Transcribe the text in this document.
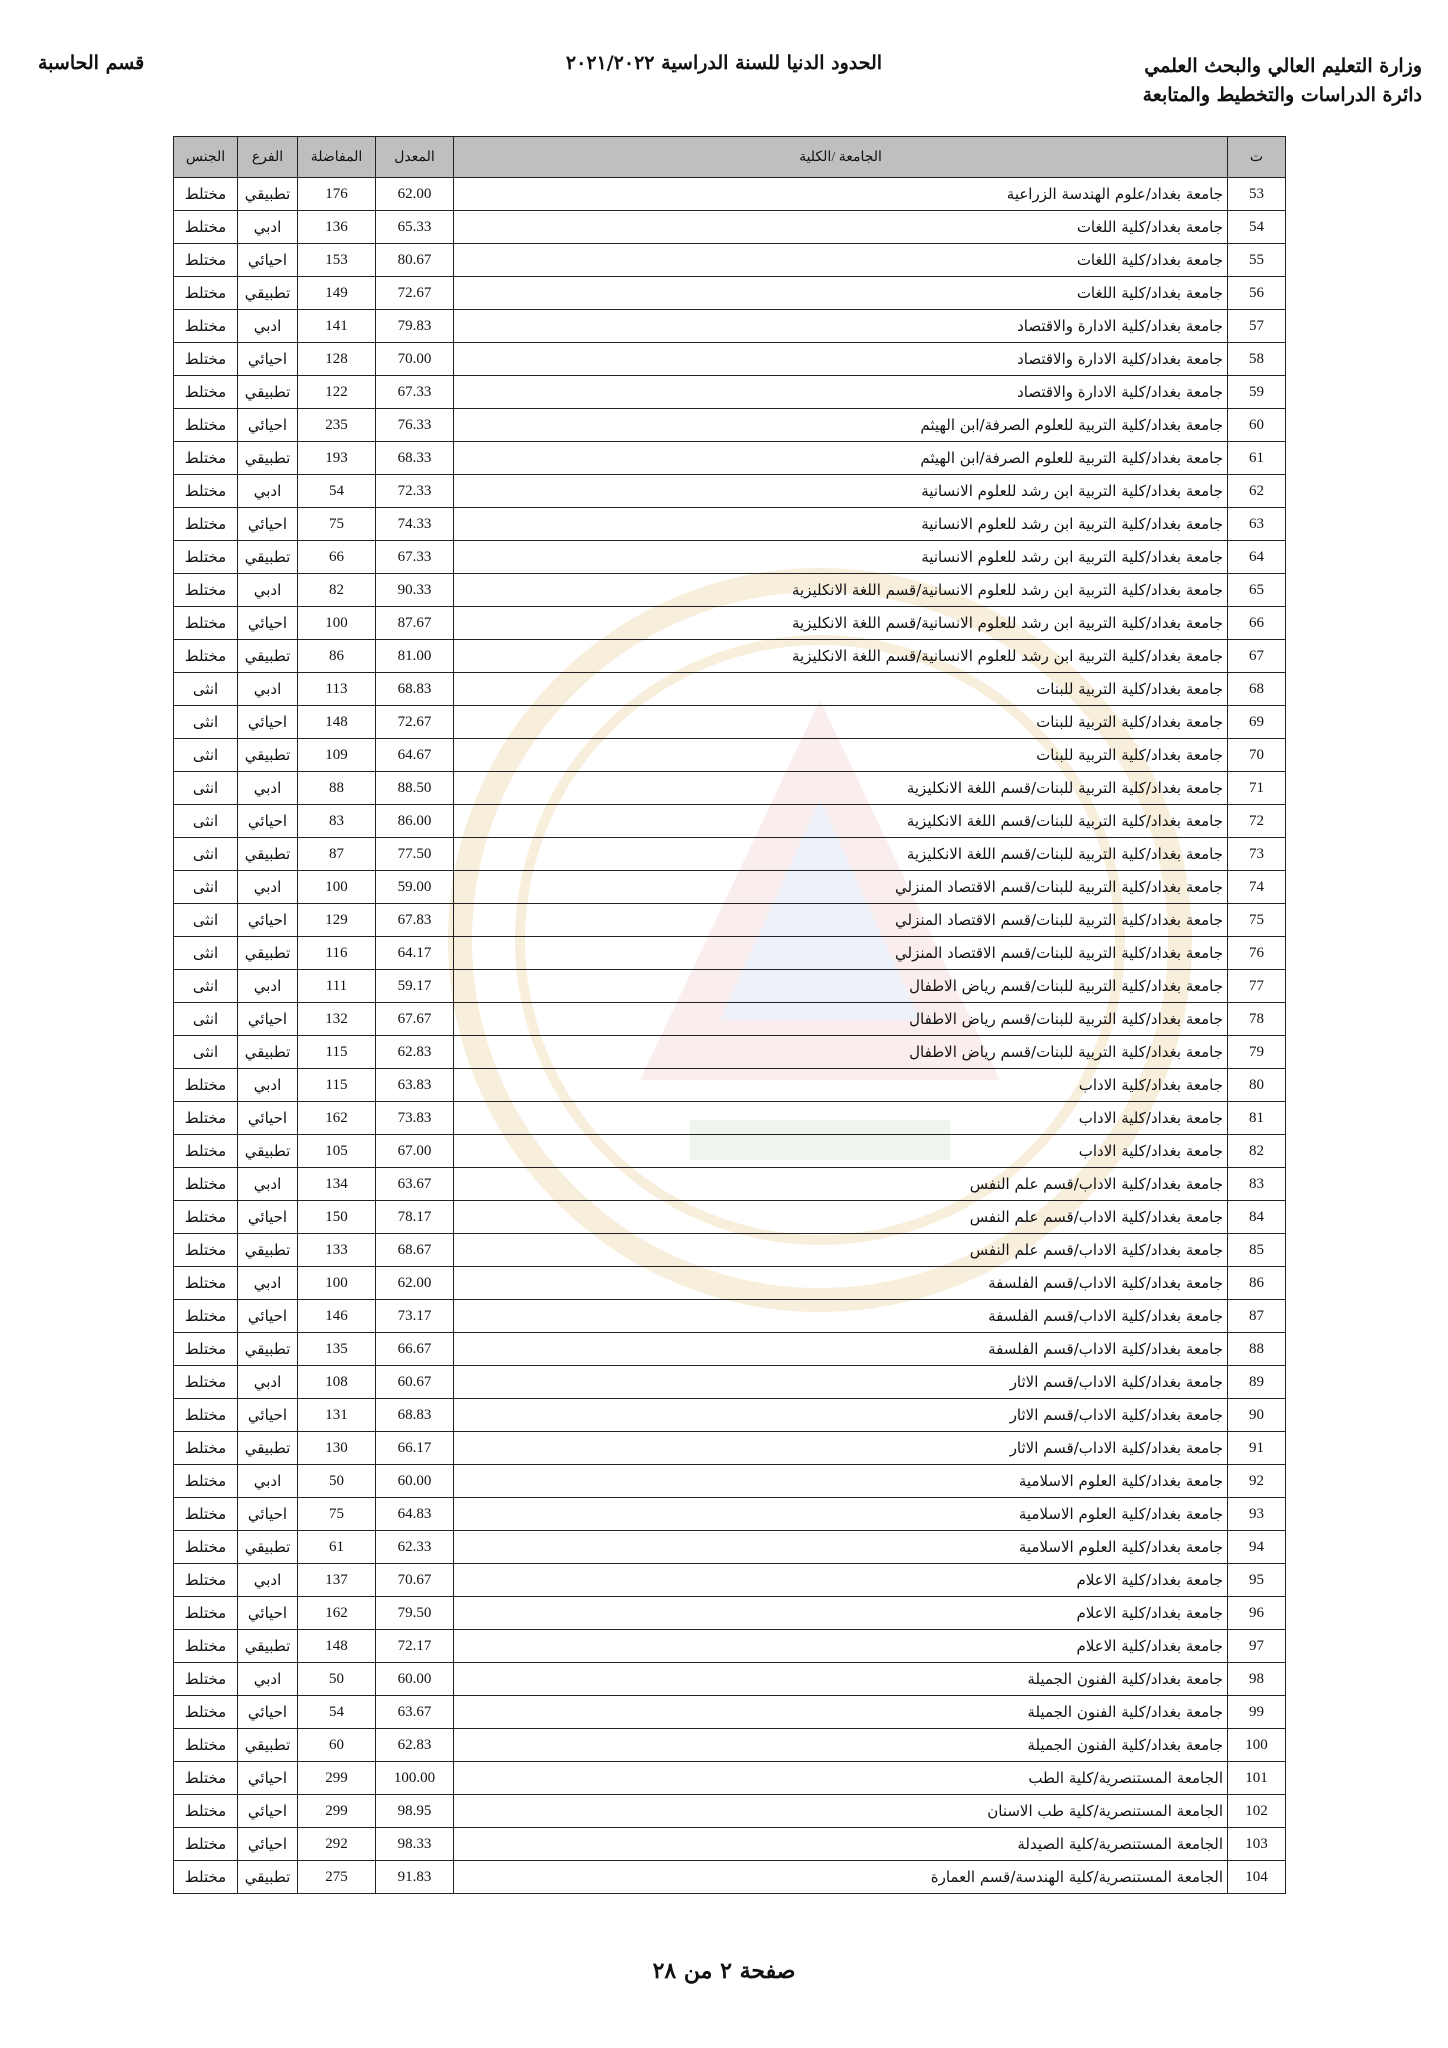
وزارة التعليم العالي والبحث العلمي
دائرة الدراسات والتخطيط والمتابعة
الحدود الدنيا للسنة الدراسية ٢٠٢١/٢٠٢٢
قسم الحاسبة
ت	الجامعة /الكلية	المعدل	المفاضلة	الفرع	الجنس
53	جامعة بغداد/علوم الهندسة الزراعية	62.00	176	تطبيقي	مختلط
54	جامعة بغداد/كلية اللغات	65.33	136	ادبي	مختلط
55	جامعة بغداد/كلية اللغات	80.67	153	احيائي	مختلط
56	جامعة بغداد/كلية اللغات	72.67	149	تطبيقي	مختلط
57	جامعة بغداد/كلية الادارة والاقتصاد	79.83	141	ادبي	مختلط
58	جامعة بغداد/كلية الادارة والاقتصاد	70.00	128	احيائي	مختلط
59	جامعة بغداد/كلية الادارة والاقتصاد	67.33	122	تطبيقي	مختلط
60	جامعة بغداد/كلية التربية للعلوم الصرفة/ابن الهيثم	76.33	235	احيائي	مختلط
61	جامعة بغداد/كلية التربية للعلوم الصرفة/ابن الهيثم	68.33	193	تطبيقي	مختلط
62	جامعة بغداد/كلية التربية ابن رشد للعلوم الانسانية	72.33	54	ادبي	مختلط
63	جامعة بغداد/كلية التربية ابن رشد للعلوم الانسانية	74.33	75	احيائي	مختلط
64	جامعة بغداد/كلية التربية ابن رشد للعلوم الانسانية	67.33	66	تطبيقي	مختلط
65	جامعة بغداد/كلية التربية ابن رشد للعلوم الانسانية/قسم اللغة الانكليزية	90.33	82	ادبي	مختلط
66	جامعة بغداد/كلية التربية ابن رشد للعلوم الانسانية/قسم اللغة الانكليزية	87.67	100	احيائي	مختلط
67	جامعة بغداد/كلية التربية ابن رشد للعلوم الانسانية/قسم اللغة الانكليزية	81.00	86	تطبيقي	مختلط
68	جامعة بغداد/كلية التربية للبنات	68.83	113	ادبي	انثى
69	جامعة بغداد/كلية التربية للبنات	72.67	148	احيائي	انثى
70	جامعة بغداد/كلية التربية للبنات	64.67	109	تطبيقي	انثى
71	جامعة بغداد/كلية التربية للبنات/قسم اللغة الانكليزية	88.50	88	ادبي	انثى
72	جامعة بغداد/كلية التربية للبنات/قسم اللغة الانكليزية	86.00	83	احيائي	انثى
73	جامعة بغداد/كلية التربية للبنات/قسم اللغة الانكليزية	77.50	87	تطبيقي	انثى
74	جامعة بغداد/كلية التربية للبنات/قسم الاقتصاد المنزلي	59.00	100	ادبي	انثى
75	جامعة بغداد/كلية التربية للبنات/قسم الاقتصاد المنزلي	67.83	129	احيائي	انثى
76	جامعة بغداد/كلية التربية للبنات/قسم الاقتصاد المنزلي	64.17	116	تطبيقي	انثى
77	جامعة بغداد/كلية التربية للبنات/قسم رياض الاطفال	59.17	111	ادبي	انثى
78	جامعة بغداد/كلية التربية للبنات/قسم رياض الاطفال	67.67	132	احيائي	انثى
79	جامعة بغداد/كلية التربية للبنات/قسم رياض الاطفال	62.83	115	تطبيقي	انثى
80	جامعة بغداد/كلية الاداب	63.83	115	ادبي	مختلط
81	جامعة بغداد/كلية الاداب	73.83	162	احيائي	مختلط
82	جامعة بغداد/كلية الاداب	67.00	105	تطبيقي	مختلط
83	جامعة بغداد/كلية الاداب/قسم علم النفس	63.67	134	ادبي	مختلط
84	جامعة بغداد/كلية الاداب/قسم علم النفس	78.17	150	احيائي	مختلط
85	جامعة بغداد/كلية الاداب/قسم علم النفس	68.67	133	تطبيقي	مختلط
86	جامعة بغداد/كلية الاداب/قسم الفلسفة	62.00	100	ادبي	مختلط
87	جامعة بغداد/كلية الاداب/قسم الفلسفة	73.17	146	احيائي	مختلط
88	جامعة بغداد/كلية الاداب/قسم الفلسفة	66.67	135	تطبيقي	مختلط
89	جامعة بغداد/كلية الاداب/قسم الاثار	60.67	108	ادبي	مختلط
90	جامعة بغداد/كلية الاداب/قسم الاثار	68.83	131	احيائي	مختلط
91	جامعة بغداد/كلية الاداب/قسم الاثار	66.17	130	تطبيقي	مختلط
92	جامعة بغداد/كلية العلوم الاسلامية	60.00	50	ادبي	مختلط
93	جامعة بغداد/كلية العلوم الاسلامية	64.83	75	احيائي	مختلط
94	جامعة بغداد/كلية العلوم الاسلامية	62.33	61	تطبيقي	مختلط
95	جامعة بغداد/كلية الاعلام	70.67	137	ادبي	مختلط
96	جامعة بغداد/كلية الاعلام	79.50	162	احيائي	مختلط
97	جامعة بغداد/كلية الاعلام	72.17	148	تطبيقي	مختلط
98	جامعة بغداد/كلية الفنون الجميلة	60.00	50	ادبي	مختلط
99	جامعة بغداد/كلية الفنون الجميلة	63.67	54	احيائي	مختلط
100	جامعة بغداد/كلية الفنون الجميلة	62.83	60	تطبيقي	مختلط
101	الجامعة المستنصرية/كلية الطب	100.00	299	احيائي	مختلط
102	الجامعة المستنصرية/كلية طب الاسنان	98.95	299	احيائي	مختلط
103	الجامعة المستنصرية/كلية الصيدلة	98.33	292	احيائي	مختلط
104	الجامعة المستنصرية/كلية الهندسة/قسم العمارة	91.83	275	تطبيقي	مختلط
صفحة ٢ من ٢٨
